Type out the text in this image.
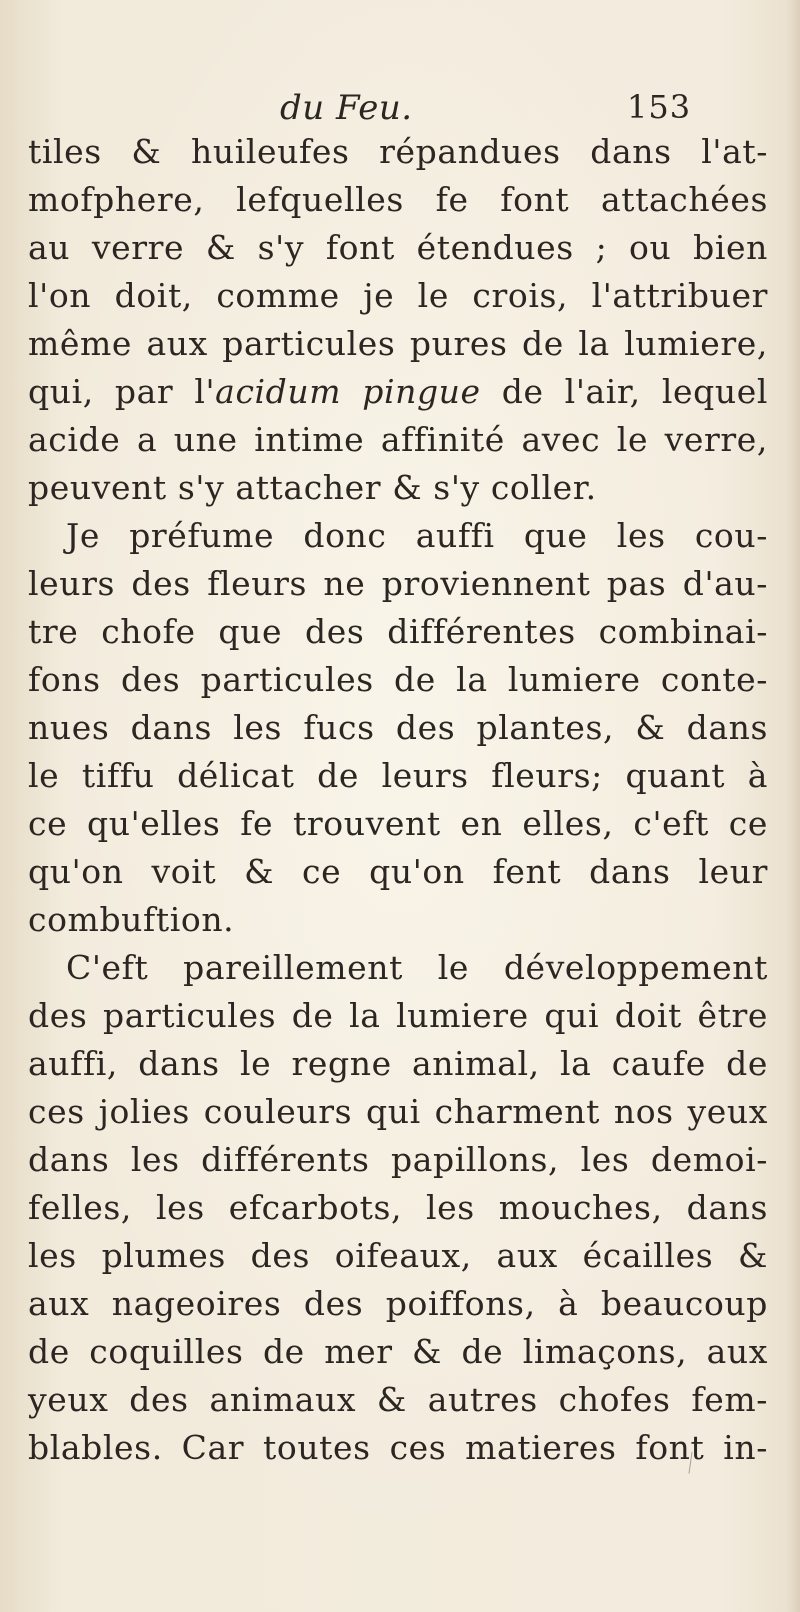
du Feu.	153
tiles & huileufes répandues dans l'at-
mofphere, lefquelles fe font attachées
au verre & s'y font étendues ; ou bien
l'on doit, comme je le crois, l'attribuer
même aux particules pures de la lumiere,
qui, par l'acidum pingue de l'air, lequel
acide a une intime affinité avec le verre,
peuvent s'y attacher & s'y coller.
Je préfume donc auffi que les cou-
leurs des fleurs ne proviennent pas d'au-
tre chofe que des différentes combinai-
fons des particules de la lumiere conte-
nues dans les fucs des plantes, & dans
le tiffu délicat de leurs fleurs; quant à
ce qu'elles fe trouvent en elles, c'eft ce
qu'on voit & ce qu'on fent dans leur
combuftion.
C'eft pareillement le développement
des particules de la lumiere qui doit être
auffi, dans le regne animal, la caufe de
ces jolies couleurs qui charment nos yeux
dans les différents papillons, les demoi-
felles, les efcarbots, les mouches, dans
les plumes des oifeaux, aux écailles &
aux nageoires des poiffons, à beaucoup
de coquilles de mer & de limaçons, aux
yeux des animaux & autres chofes fem-
blables. Car toutes ces matieres font in-
